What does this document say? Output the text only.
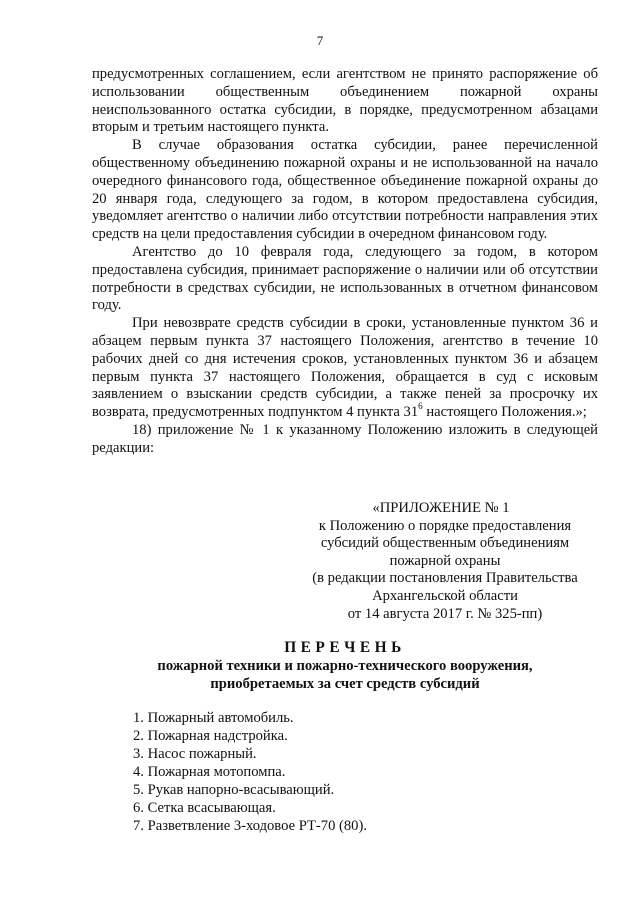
7

предусмотренных соглашением, если агентством не принято распоряжение об использовании общественным объединением пожарной охраны неиспользованного остатка субсидии, в порядке, предусмотренном абзацами вторым и третьим настоящего пункта.

В случае образования остатка субсидии, ранее перечисленной общественному объединению пожарной охраны и не использованной на начало очередного финансового года, общественное объединение пожарной охраны до 20 января года, следующего за годом, в котором предоставлена субсидия, уведомляет агентство о наличии либо отсутствии потребности направления этих средств на цели предоставления субсидии в очередном финансовом году.

Агентство до 10 февраля года, следующего за годом, в котором предоставлена субсидия, принимает распоряжение о наличии или об отсутствии потребности в средствах субсидии, не использованных в отчетном финансовом году.

При невозврате средств субсидии в сроки, установленные пунктом 36 и абзацем первым пункта 37 настоящего Положения, агентство в течение 10 рабочих дней со дня истечения сроков, установленных пунктом 36 и абзацем первым пункта 37 настоящего Положения, обращается в суд с исковым заявлением о взыскании средств субсидии, а также пеней за просрочку их возврата, предусмотренных подпунктом 4 пункта $31^6$ настоящего Положения.»;

18) приложение № 1 к указанному Положению изложить в следующей редакции:

«ПРИЛОЖЕНИЕ № 1
к Положению о порядке предоставления
субсидий общественным объединениям
пожарной охраны
(в редакции постановления Правительства
Архангельской области
от 14 августа 2017 г. № 325-пп)
ПЕРЕЧЕНЬ
пожарной техники и пожарно-технического вооружения,
приобретаемых за счет средств субсидий
1. Пожарный автомобиль.
2. Пожарная надстройка.
3. Насос пожарный.
4. Пожарная мотопомпа.
5. Рукав напорно-всасывающий.
6. Сетка всасывающая.
7. Разветвление 3-ходовое РТ-70 (80).
